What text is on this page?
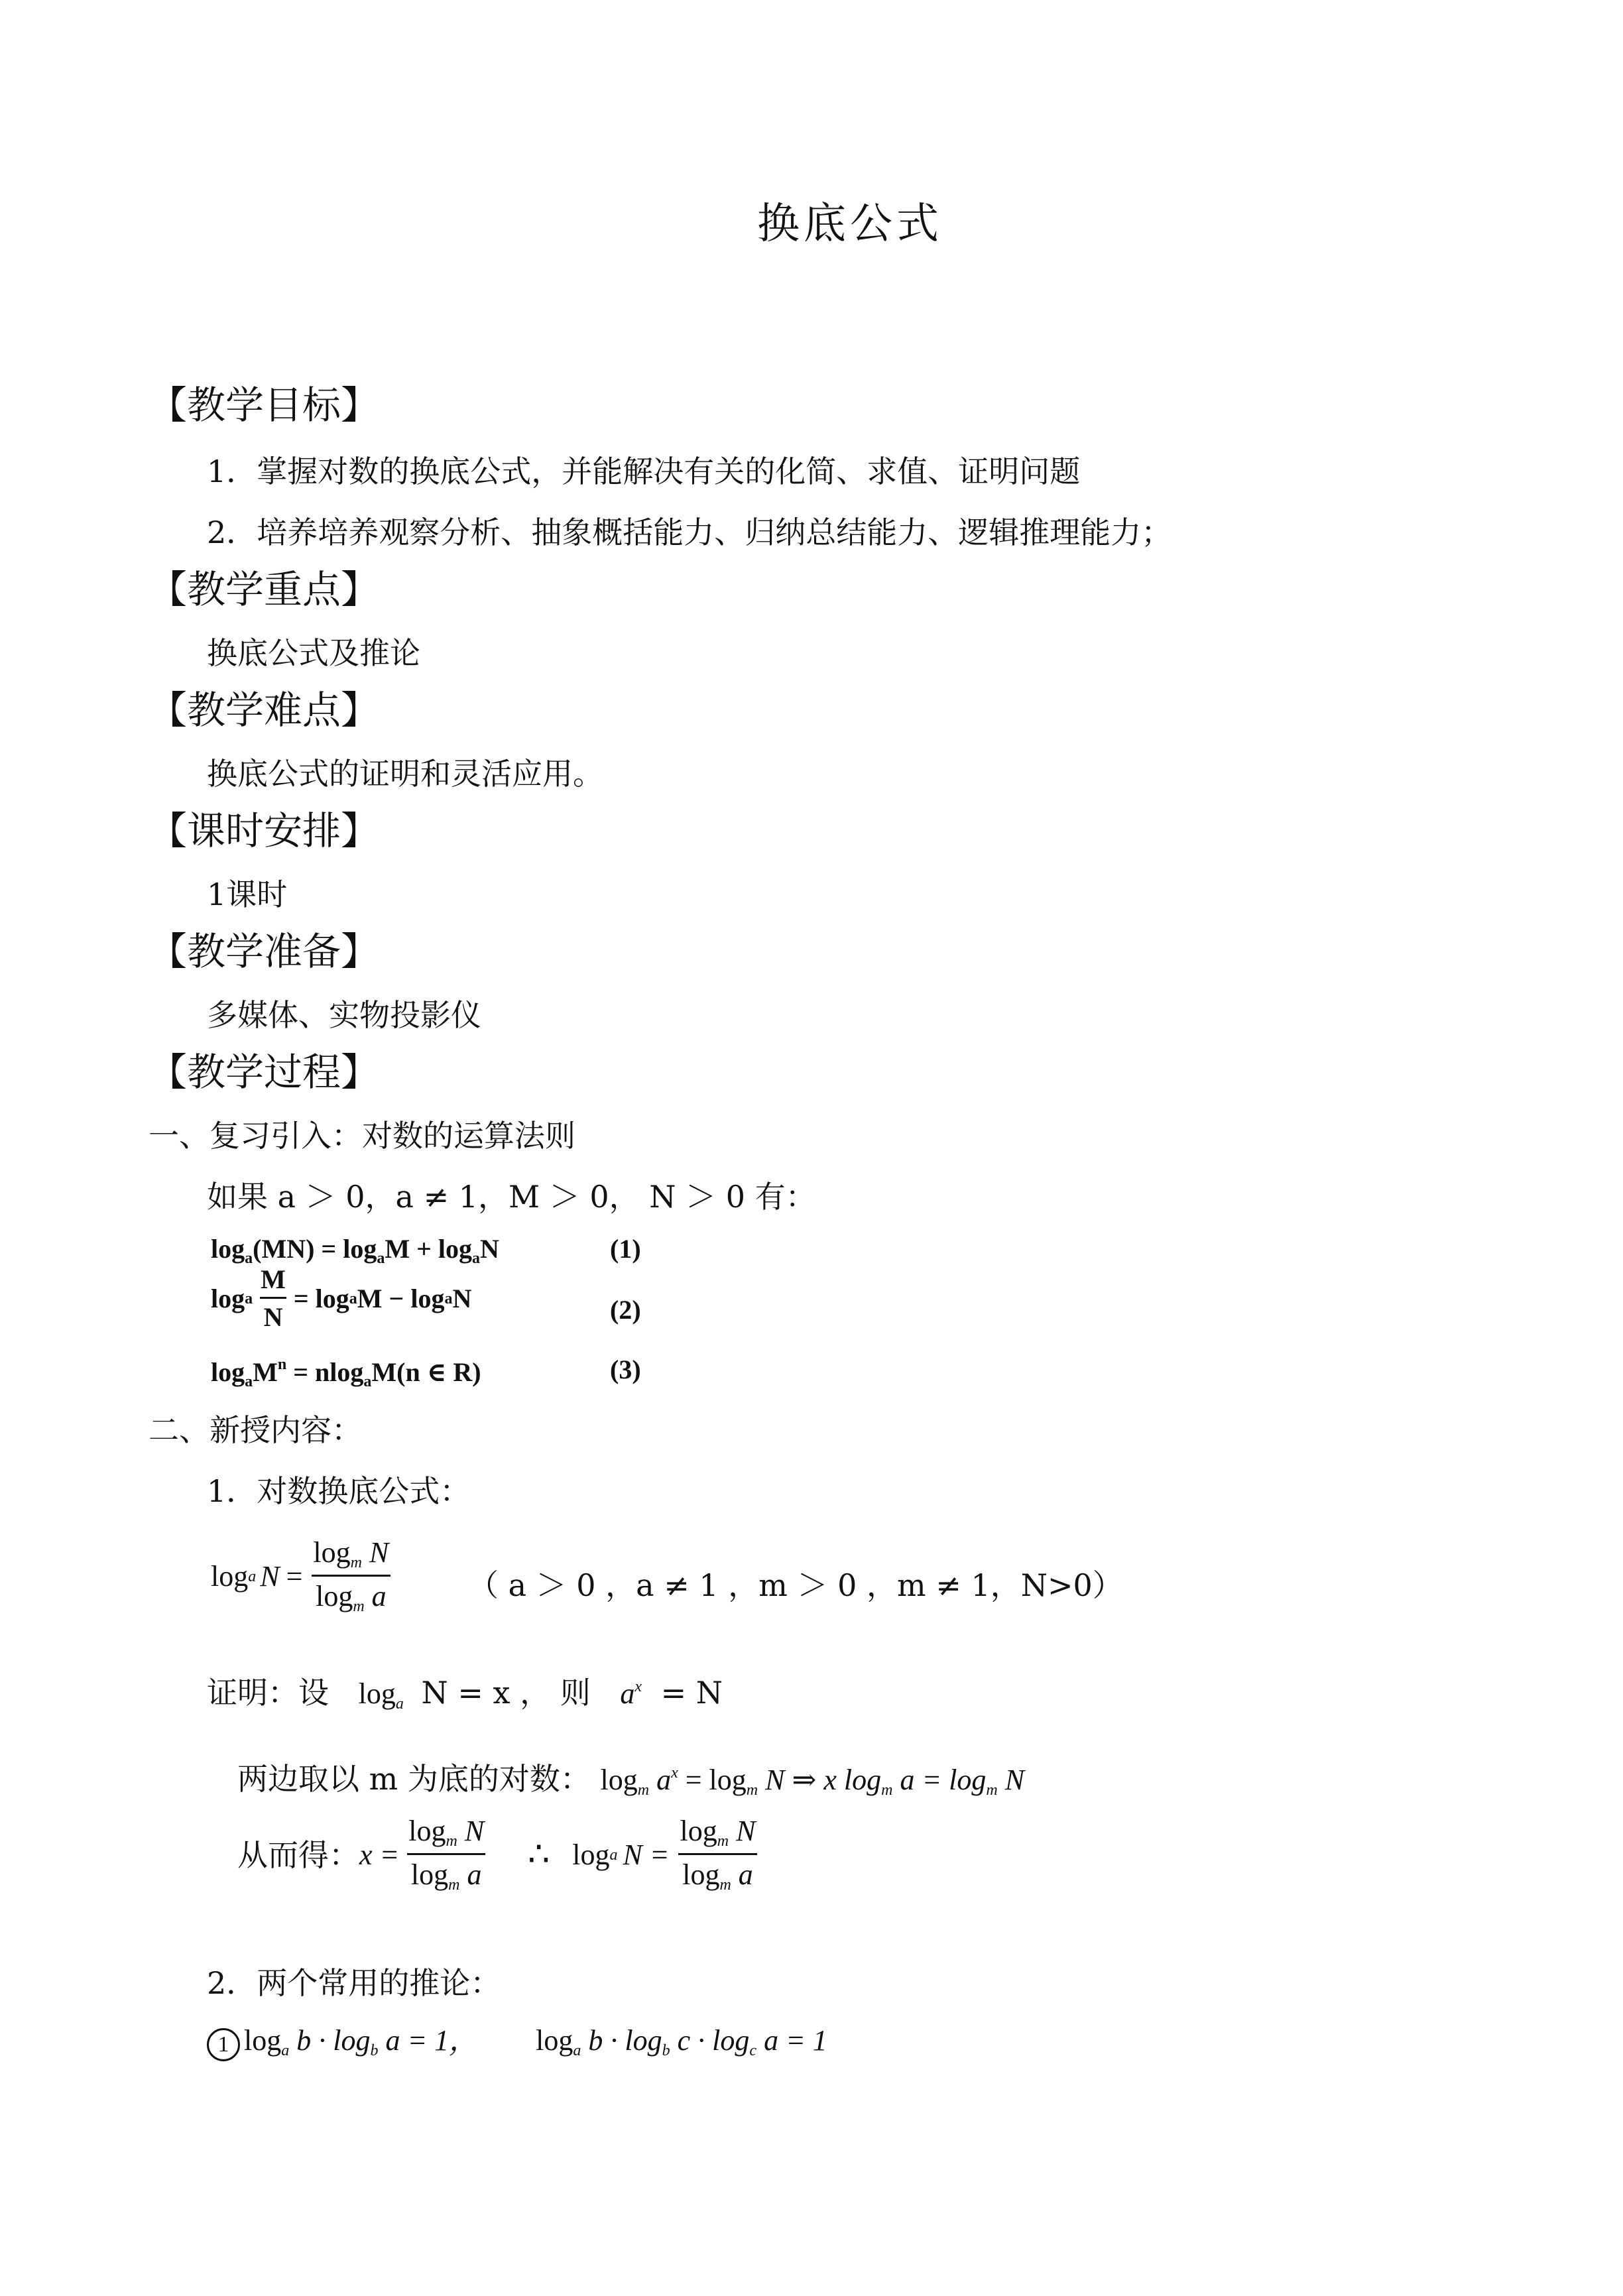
换底公式
【教学目标】
1．掌握对数的换底公式，并能解决有关的化简、求值、证明问题
2．培养培养观察分析、抽象概括能力、归纳总结能力、逻辑推理能力；
【教学重点】
换底公式及推论
【教学难点】
换底公式的证明和灵活应用。
【课时安排】
1课时
【教学准备】
多媒体、实物投影仪
【教学过程】
一、复习引入：对数的运算法则
如果 a ＞ 0，a ≠ 1，M ＞ 0， N ＞ 0 有：
$\log_a(MN) = \log_aM + \log_aN$	(1)
log a $\frac{M}{N} = \log a$ M − log a N	(2)
$\log_aM^n = nlog_aM(n$ ∈ R)	(3)
二、新授内容：
1．对数换底公式：
log a $N = \frac{\log_m N}{\log_m a}$ （ a ＞ 0 ，a ≠ 1 ，m ＞ 0 ，m ≠ 1，N>0）
证明：设 $\log_a N = x$ ， 则 $a^x = N$
两边取以 m 为底的对数： $\log_m a^x = \log_m N$ ⇒ x $\log_m a = \log_m N$
从而得： $x = \frac{\log_m N}{\log_m a}$ ∴ log a $N = \frac{\log_m N}{\log_m a}$
2．两个常用的推论：
1 $\log_a b \cdot \log_b a = 1$， $\log_a b \cdot \log_b c \cdot \log_c a = 1$
